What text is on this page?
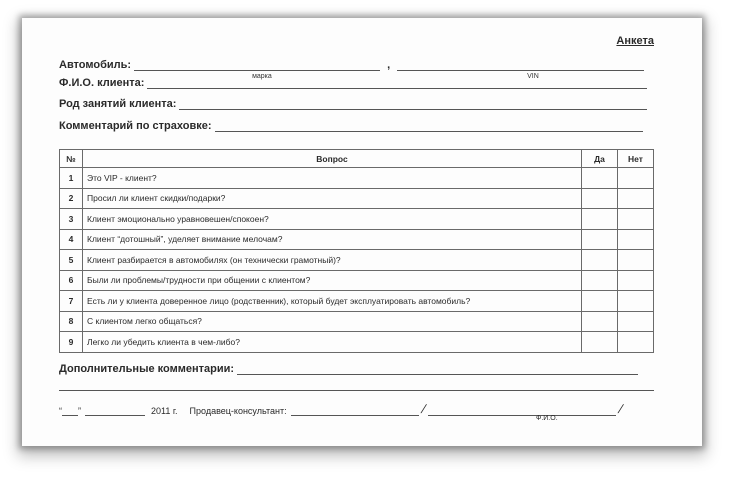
Анкета
Автомобиль:
марка
,
VIN
Ф.И.О. клиента:
Род занятий клиента:
Комментарий по страховке:
№	Вопрос	Да	Нет
1	Это VIP - клиент?		
2	Просил ли клиент скидки/подарки?		
3	Клиент эмоционально уравновешен/спокоен?		
4	Клиент “дотошный”, уделяет внимание мелочам?		
5	Клиент разбирается в автомобилях (он технически грамотный)?		
6	Были ли проблемы/трудности при общении с клиентом?		
7	Есть ли у клиента доверенное лицо (родственник), который будет эксплуатировать автомобиль?		
8	С клиентом легко общаться?		
9	Легко ли убедить клиента в чем-либо?		
Дополнительные комментарии:
“ ”	2011 г. Продавец-консультант:	/	/
Ф.И.О.
